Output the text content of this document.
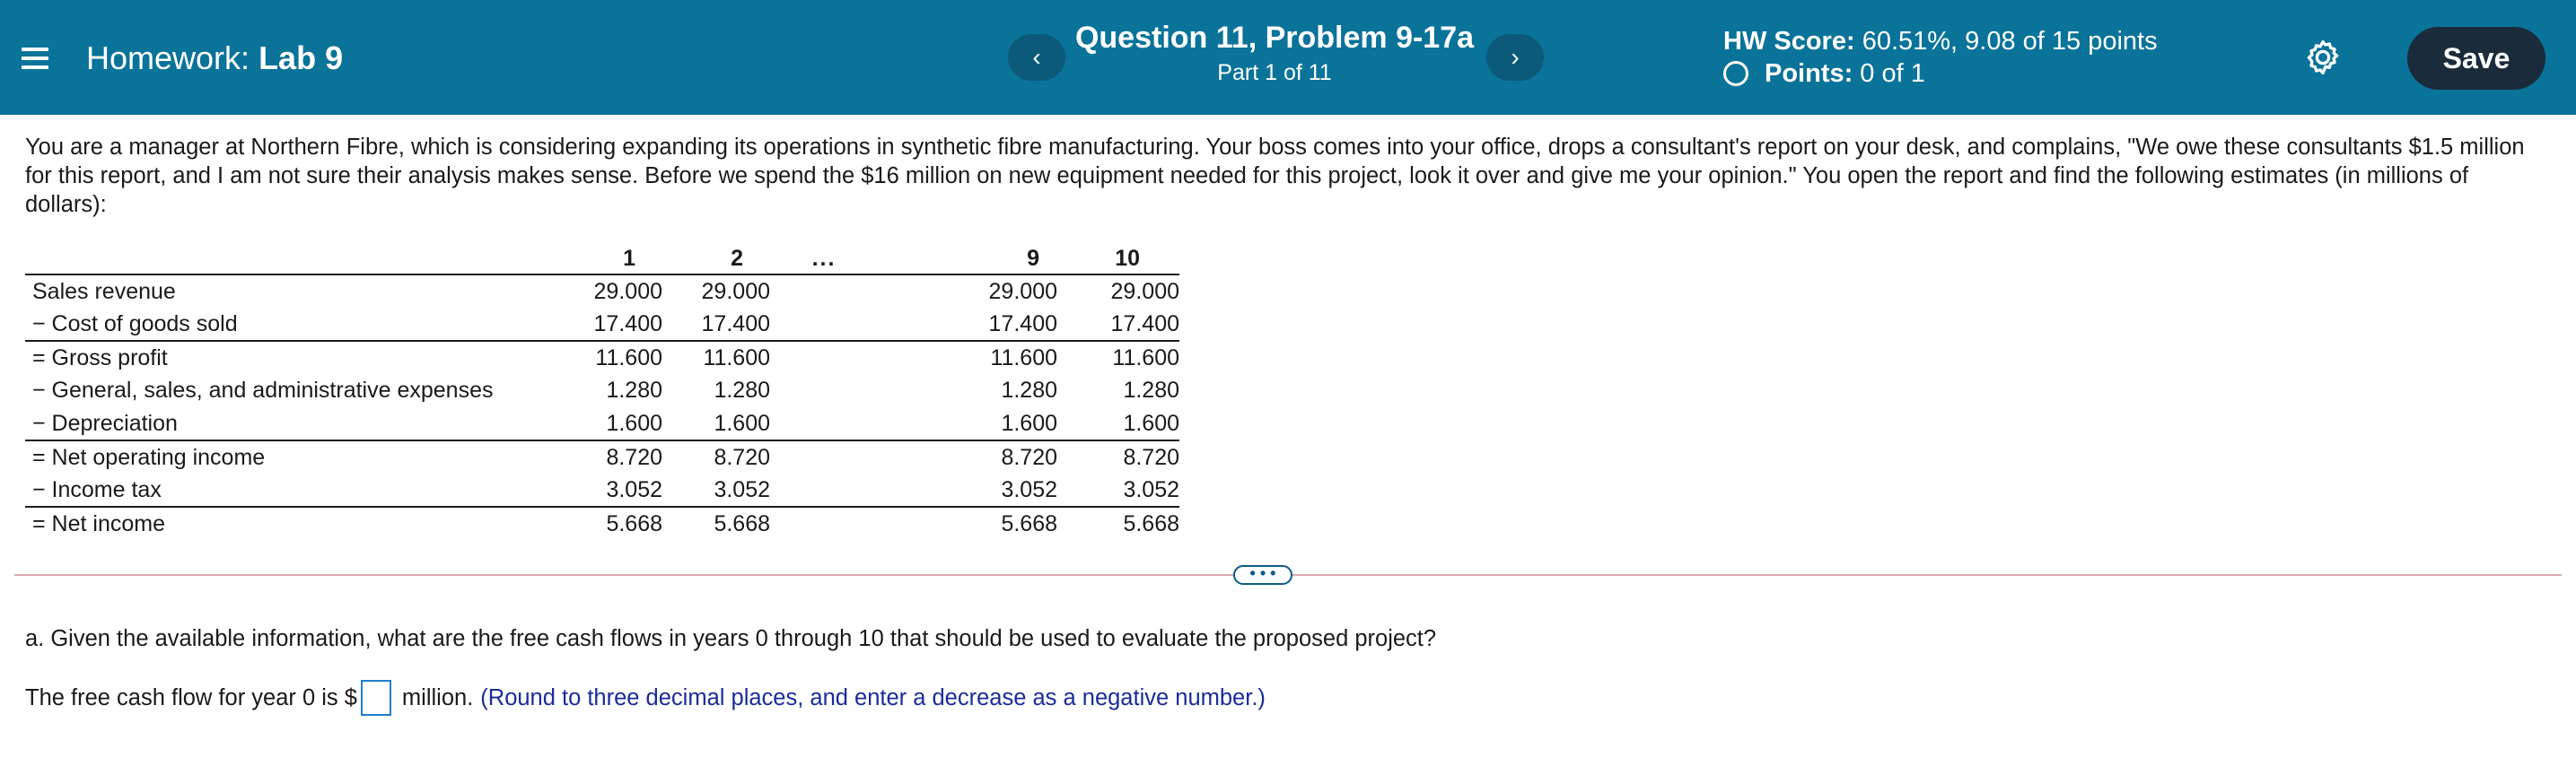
Homework: Lab 9	‹
Question 11, Problem 9-17a
Part 1 of 11
›
HW Score: 60.51%, 9.08 of 15 points
Points: 0 of 1	Save
You are a manager at Northern Fibre, which is considering expanding its operations in synthetic fibre manufacturing. Your boss comes into your office, drops a consultant's report on your desk, and complains, "We owe these consultants $1.5 million for this report, and I am not sure their analysis makes sense. Before we spend the $16 million on new equipment needed for this project, look it over and give me your opinion." You open the report and find the following estimates (in millions of dollars):
	1	2	...	9	10
Sales revenue	29.000	29.000		29.000	29.000
− Cost of goods sold	17.400	17.400		17.400	17.400
= Gross profit	11.600	11.600		11.600	11.600
− General, sales, and administrative expenses	1.280	1.280		1.280	1.280
− Depreciation	1.600	1.600		1.600	1.600
= Net operating income	8.720	8.720		8.720	8.720
− Income tax	3.052	3.052		3.052	3.052
= Net income	5.668	5.668		5.668	5.668
• • •
a. Given the available information, what are the free cash flows in years 0 through 10 that should be used to evaluate the proposed project?
The free cash flow for year 0 is $ million. (Round to three decimal places, and enter a decrease as a negative number.)
